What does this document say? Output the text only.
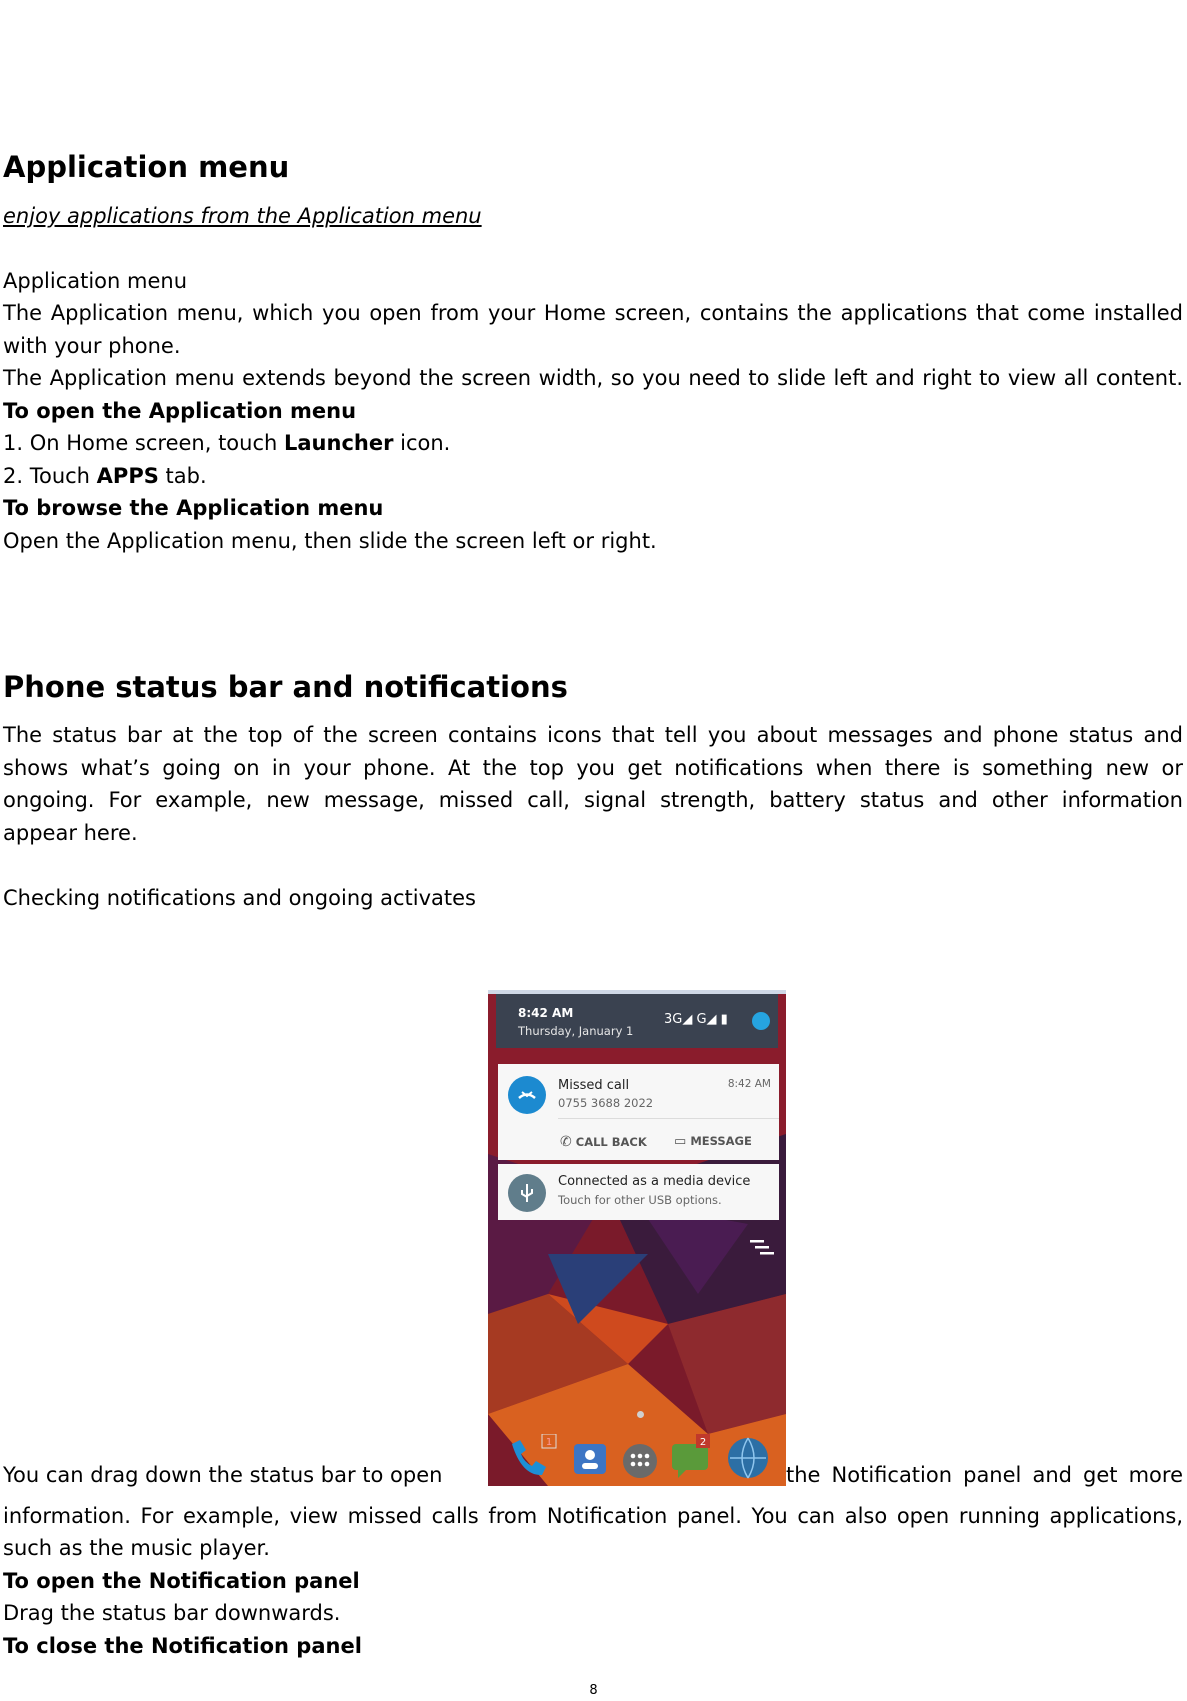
Application menu
enjoy applications from the Application menu
Application menu
The Application menu, which you open from your Home screen, contains the applications that come installed
with your phone.
The Application menu extends beyond the screen width, so you need to slide left and right to view all content.
To open the Application menu
1. On Home screen, touch Launcher icon.
2. Touch APPS tab.
To browse the Application menu
Open the Application menu, then slide the screen left or right.
Phone status bar and notifications
The status bar at the top of the screen contains icons that tell you about messages and phone status and
shows what’s going on in your phone. At the top you get notifications when there is something new or
ongoing. For example, new message, missed call, signal strength, battery status and other information
appear here.
Checking notifications and ongoing activates
You can drag down the status bar to open	the Notification panel and get more
information. For example, view missed calls from Notification panel. You can also open running applications,
such as the music player.
To open the Notification panel
Drag the status bar downwards.
To close the Notification panel
8:42 AM
Thursday, January 1
3G◢ G◢ ▮
Missed call
0755 3688 2022
8:42 AM
✆ CALL BACK ▭ MESSAGE
Connected as a media device
Touch for other USB options.
1	2
8
